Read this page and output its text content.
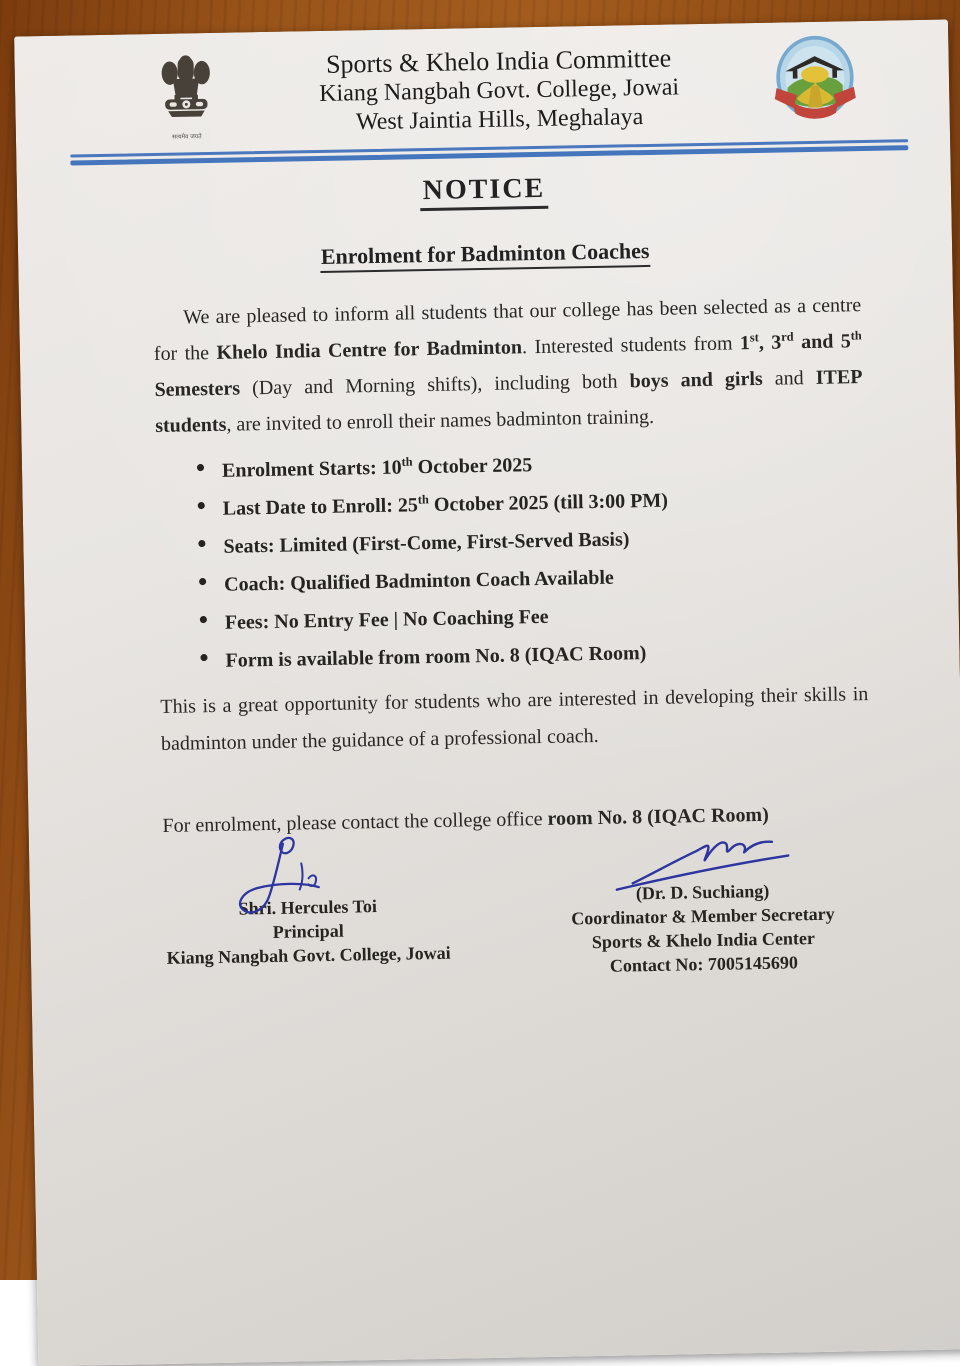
सत्यमेव जयते
Sports & Khelo India Committee
Kiang Nangbah Govt. College, Jowai
West Jaintia Hills, Meghalaya
NOTICE
Enrolment for Badminton Coaches

We are pleased to inform all students that our college has been selected as a centre for the Khelo India Centre for Badminton. Interested students from 1st, 3rd and 5th Semesters (Day and Morning shifts), including both boys and girls and ITEP students, are invited to enroll their names badminton training.

• Enrolment Starts: 10th October 2025
• Last Date to Enroll: 25th October 2025 (till 3:00 PM)
• Seats: Limited (First-Come, First-Served Basis)
• Coach: Qualified Badminton Coach Available
• Fees: No Entry Fee | No Coaching Fee
• Form is available from room No. 8 (IQAC Room)

This is a great opportunity for students who are interested in developing their skills in badminton under the guidance of a professional coach.

For enrolment, please contact the college office room No. 8 (IQAC Room)

Shri. Hercules Toi
Principal
Kiang Nangbah Govt. College, Jowai
(Dr. D. Suchiang)
Coordinator & Member Secretary
Sports & Khelo India Center
Contact No: 7005145690
